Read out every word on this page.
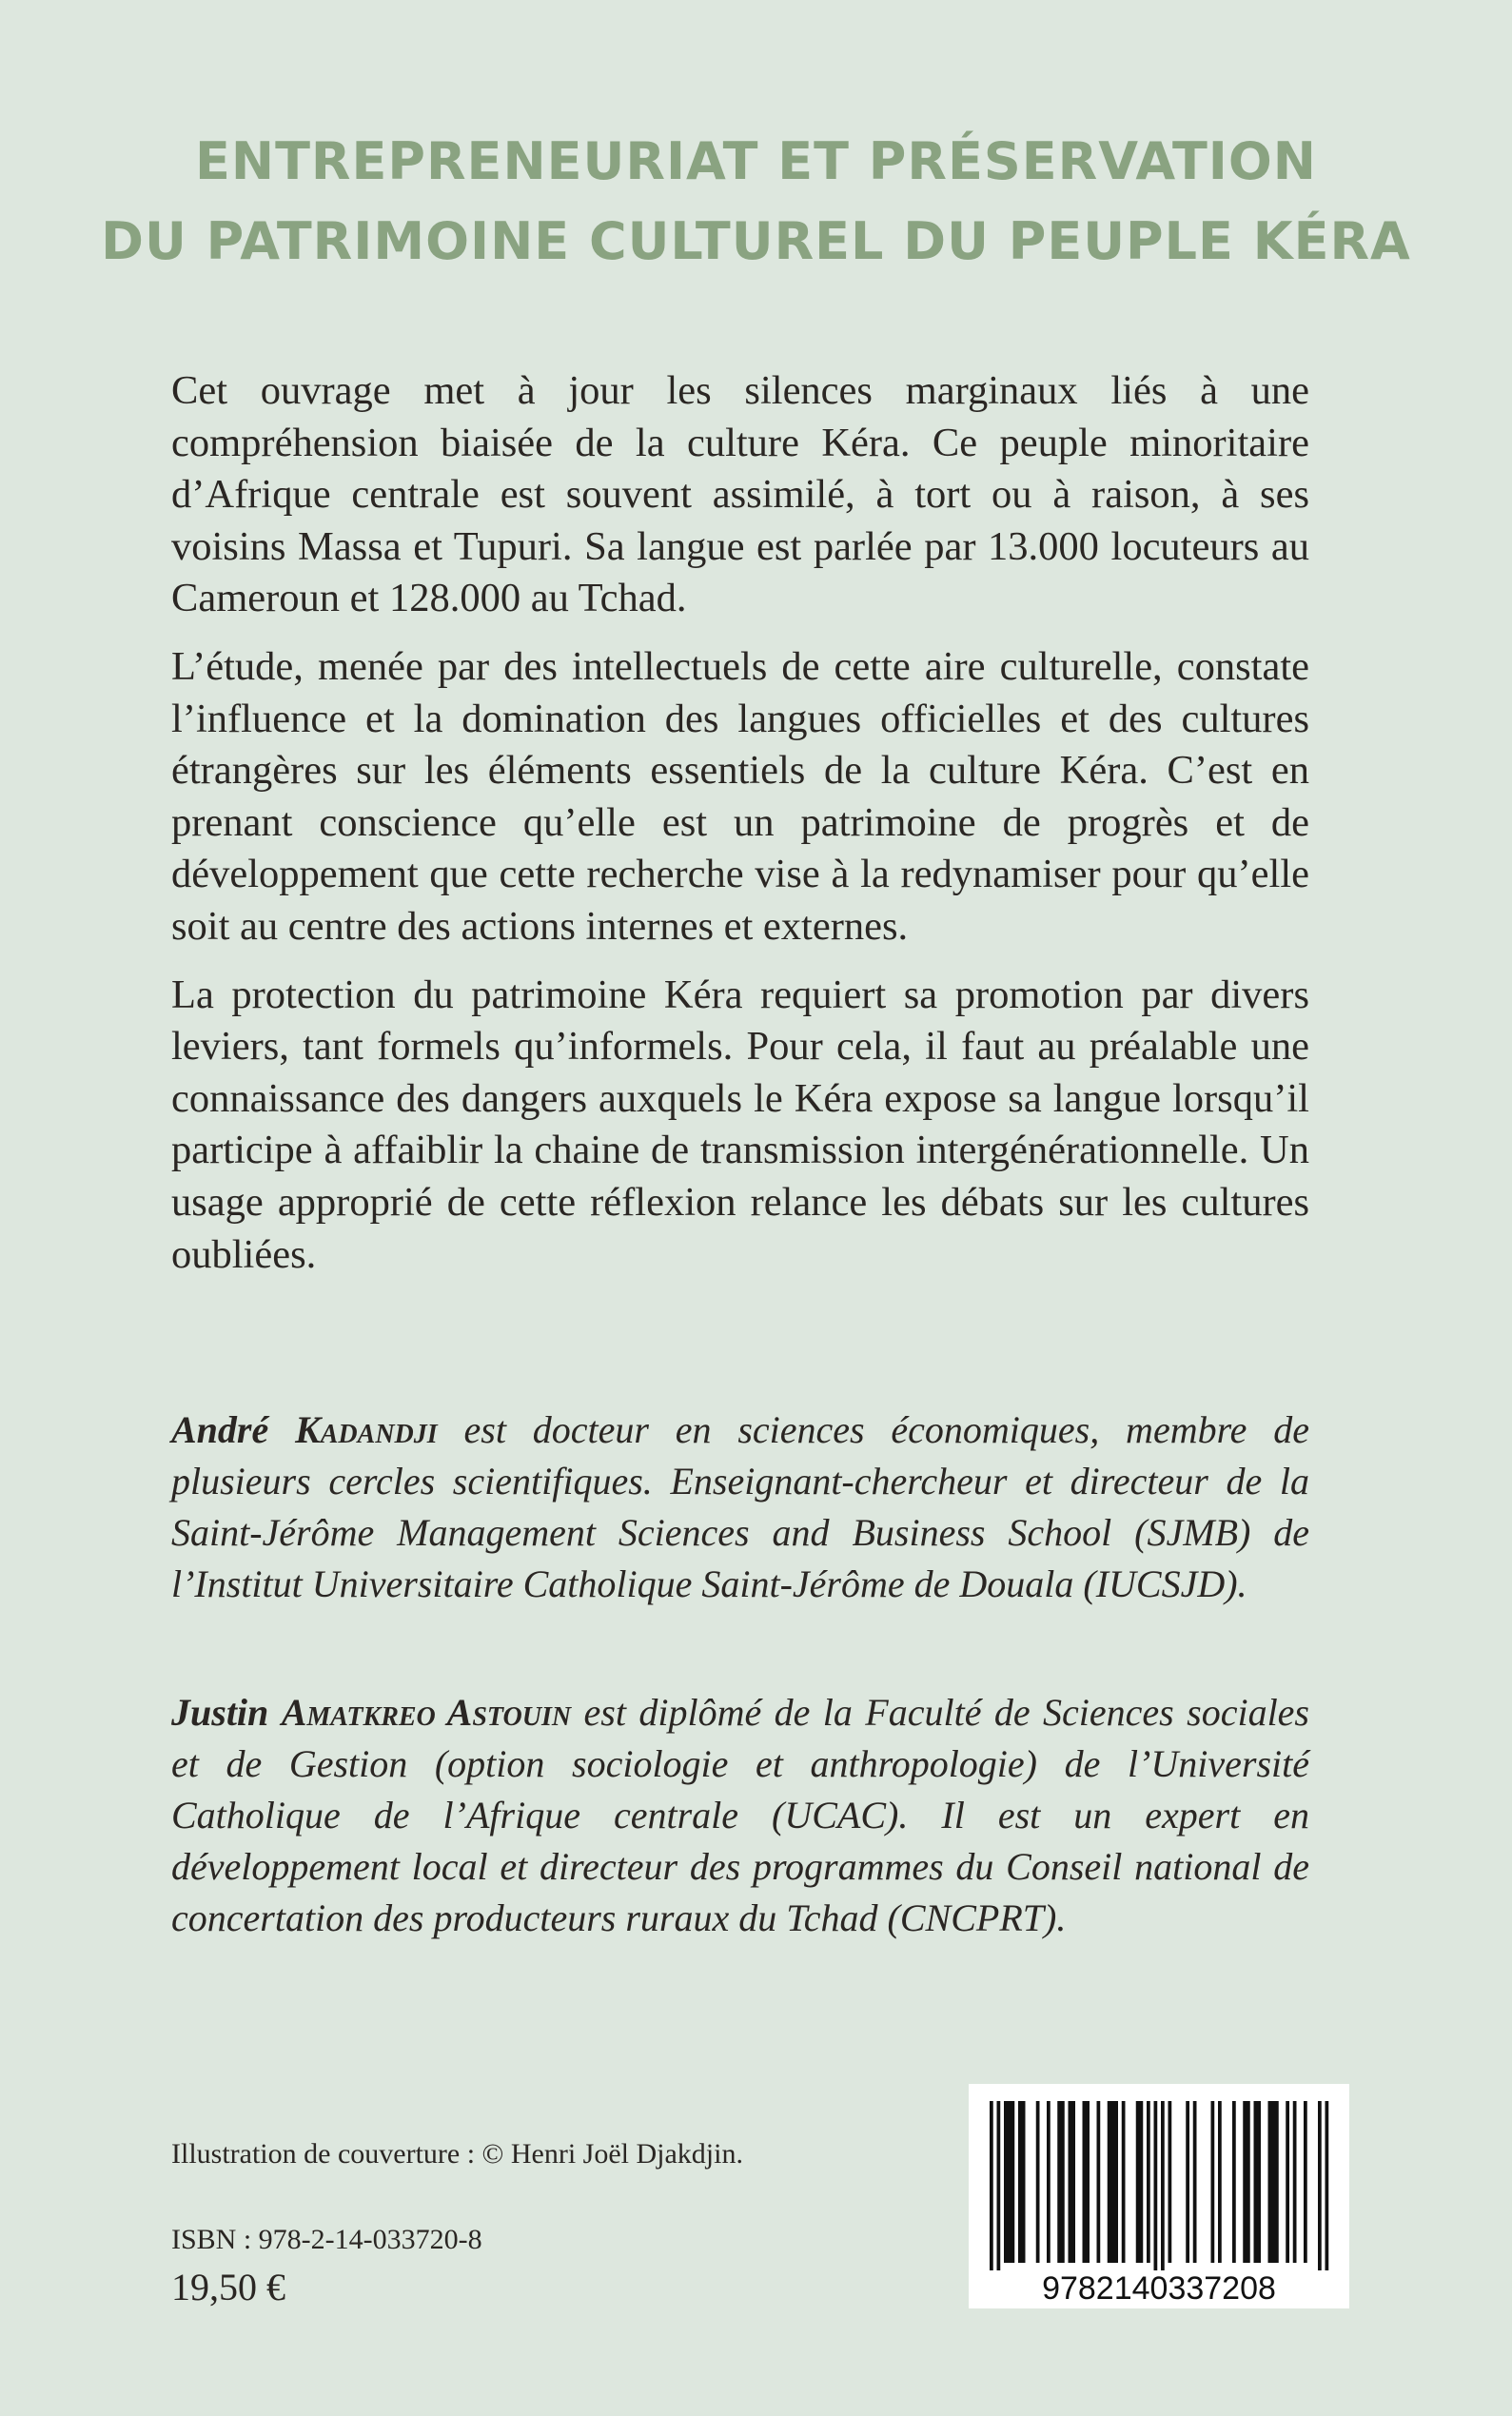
ENTREPRENEURIAT ET PRÉSERVATION
DU PATRIMOINE CULTUREL DU PEUPLE KÉRA

Cet ouvrage met à jour les silences marginaux liés à une compréhension biaisée de la culture Kéra. Ce peuple minoritaire d’Afrique centrale est souvent assimilé, à tort ou à raison, à ses voisins Massa et Tupuri. Sa langue est parlée par 13.000 locuteurs au Cameroun et 128.000 au Tchad.

L’étude, menée par des intellectuels de cette aire culturelle, constate l’influence et la domination des langues officielles et des cultures étrangères sur les éléments essentiels de la culture Kéra. C’est en prenant conscience qu’elle est un patrimoine de progrès et de développement que cette recherche vise à la redynamiser pour qu’elle soit au centre des actions internes et externes.

La protection du patrimoine Kéra requiert sa promotion par divers leviers, tant formels qu’informels. Pour cela, il faut au préalable une connaissance des dangers auxquels le Kéra expose sa langue lorsqu’il participe à affaiblir la chaine de transmission intergénérationnelle. Un usage approprié de cette réflexion relance les débats sur les cultures oubliées.

André Kadandji est docteur en sciences économiques, membre de plusieurs cercles scientifiques. Enseignant-chercheur et directeur de la Saint-Jérôme Management Sciences and Business School (SJMB) de l’Institut Universitaire Catholique Saint-Jérôme de Douala (IUCSJD).

Justin Amatkreo Astouin est diplômé de la Faculté de Sciences sociales et de Gestion (option sociologie et anthropologie) de l’Université Catholique de l’Afrique centrale (UCAC). Il est un expert en développement local et directeur des programmes du Conseil national de concertation des producteurs ruraux du Tchad (CNCPRT).

Illustration de couverture : © Henri Joël Djakdjin.
ISBN : 978-2-14-033720-8
19,50 €	9782140337208
